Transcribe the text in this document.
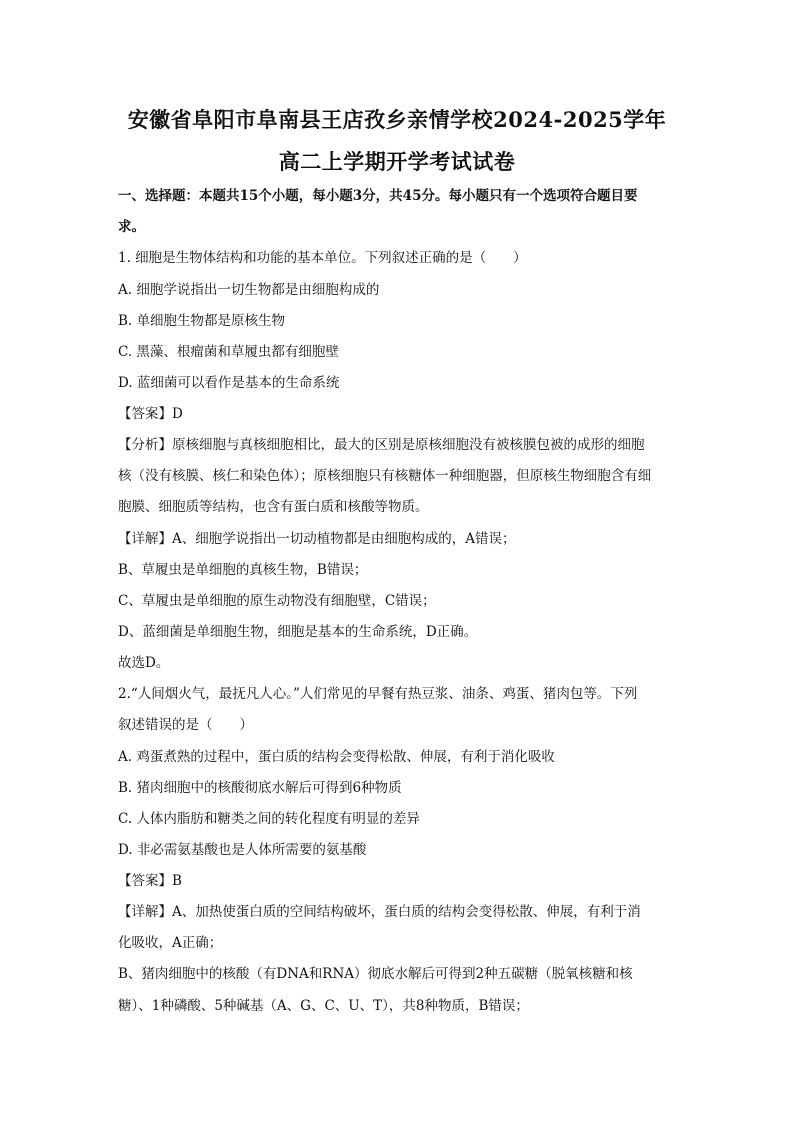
安徽省阜阳市阜南县王店孜乡亲情学校2024-2025学年
高二上学期开学考试试卷
一、选择题：本题共15个小题，每小题3分，共45分。每小题只有一个选项符合题目要
求。
1. 细胞是生物体结构和功能的基本单位。下列叙述正确的是（　　）
A. 细胞学说指出一切生物都是由细胞构成的
B. 单细胞生物都是原核生物
C. 黑藻、根瘤菌和草履虫都有细胞壁
D. 蓝细菌可以看作是基本的生命系统
【答案】D
【分析】原核细胞与真核细胞相比，最大的区别是原核细胞没有被核膜包被的成形的细胞
核（没有核膜、核仁和染色体）；原核细胞只有核糖体一种细胞器，但原核生物细胞含有细
胞膜、细胞质等结构，也含有蛋白质和核酸等物质。
【详解】A、细胞学说指出一切动植物都是由细胞构成的，A错误；
B、草履虫是单细胞的真核生物，B错误；
C、草履虫是单细胞的原生动物没有细胞壁，C错误；
D、蓝细菌是单细胞生物，细胞是基本的生命系统，D正确。
故选D。
2.“人间烟火气，最抚凡人心。”人们常见的早餐有热豆浆、油条、鸡蛋、猪肉包等。下列
叙述错误的是（　　）
A. 鸡蛋煮熟的过程中，蛋白质的结构会变得松散、伸展，有利于消化吸收
B. 猪肉细胞中的核酸彻底水解后可得到6种物质
C. 人体内脂肪和糖类之间的转化程度有明显的差异
D. 非必需氨基酸也是人体所需要的氨基酸
【答案】B
【详解】A、加热使蛋白质的空间结构破坏，蛋白质的结构会变得松散、伸展，有利于消
化吸收，A正确；
B、猪肉细胞中的核酸（有DNA和RNA）彻底水解后可得到2种五碳糖（脱氧核糖和核
糖）、1种磷酸、5种碱基（A、G、C、U、T），共8种物质，B错误；
